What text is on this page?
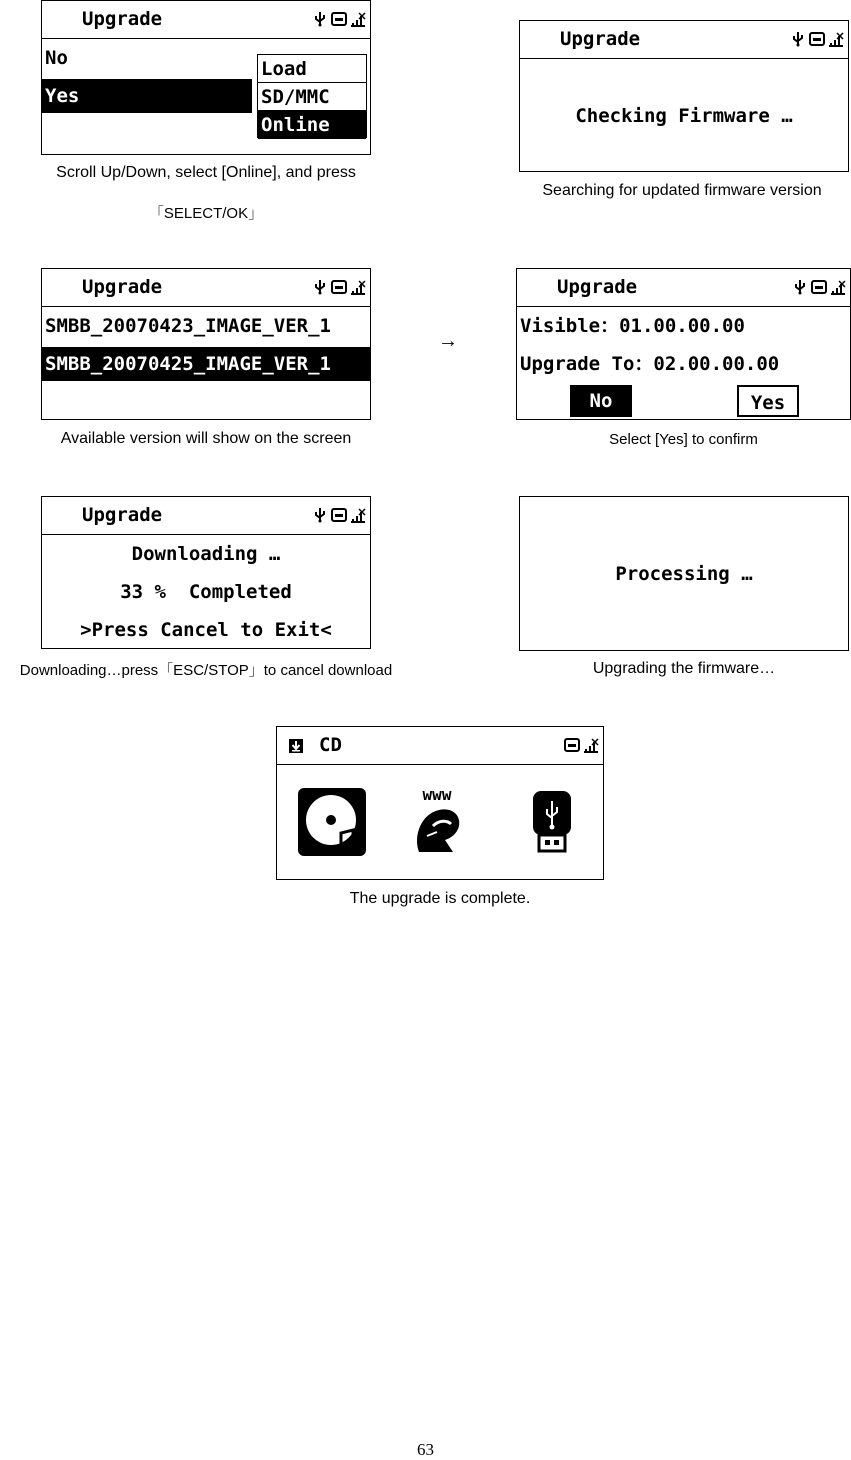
Upgrade
No
Yes
Load
SD/MMC
Online
Scroll Up/Down, select [Online], and press
「SELECT/OK」
Upgrade
Checking Firmware …
Searching for updated firmware version
Upgrade
SMBB_20070423_IMAGE_VER_1
SMBB_20070425_IMAGE_VER_1
Available version will show on the screen
→
Upgrade
Visible：01.00.00.00
Upgrade To：02.00.00.00
No	Yes
Select [Yes] to confirm
Upgrade
Downloading …
33 %  Completed
>Press Cancel to Exit<
Downloading…press「ESC/STOP」to cancel download
Processing …
Upgrading the firmware…
CD
www
The upgrade is complete.
63
